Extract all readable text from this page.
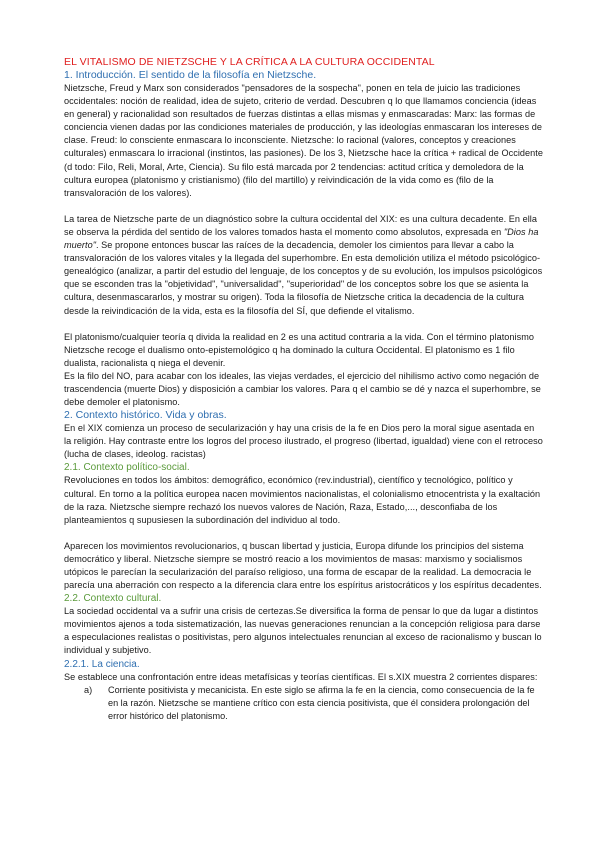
EL VITALISMO DE NIETZSCHE Y LA CRÍTICA A LA CULTURA OCCIDENTAL
1. Introducción. El sentido de la filosofía en Nietzsche.

Nietzsche, Freud y Marx son considerados "pensadores de la sospecha", ponen en tela de juicio las tradiciones occidentales: noción de realidad, idea de sujeto, criterio de verdad. Descubren q lo que llamamos conciencia (ideas en general) y racionalidad son resultados de fuerzas distintas a ellas mismas y enmascaradas: Marx: las formas de conciencia vienen dadas por las condiciones materiales de producción, y las ideologías enmascaran los intereses de clase. Freud: lo consciente enmascara lo inconsciente. Nietzsche: lo racional (valores, conceptos y creaciones culturales) enmascara lo irracional (instintos, las pasiones). De los 3, Nietzsche hace la crítica + radical de Occidente (d todo: Filo, Reli, Moral, Arte, Ciencia). Su filo está marcada por 2 tendencias: actitud crítica y demoledora de la cultura europea (platonismo y cristianismo) (filo del martillo) y reivindicación de la vida como es (filo de la transvaloración de los valores).

La tarea de Nietzsche parte de un diagnóstico sobre la cultura occidental del XIX: es una cultura decadente. En ella se observa la pérdida del sentido de los valores tomados hasta el momento como absolutos, expresada en "Dios ha muerto". Se propone entonces buscar las raíces de la decadencia, demoler los cimientos para llevar a cabo la transvaloración de los valores vitales y la llegada del superhombre. En esta demolición utiliza el método psicológico-genealógico (analizar, a partir del estudio del lenguaje, de los conceptos y de su evolución, los impulsos psicológicos que se esconden tras la "objetividad", "universalidad", "superioridad" de los conceptos sobre los que se asienta la cultura, desenmascararlos, y mostrar su origen). Toda la filosofía de Nietzsche critica la decadencia de la cultura desde la reivindicación de la vida, esta es la filosofía del SÍ, que defiende el vitalismo.

El platonismo/cualquier teoría q divida la realidad en 2 es una actitud contraria a la vida. Con el término platonismo Nietzsche recoge el dualismo onto-epistemológico q ha dominado la cultura Occidental. El platonismo es 1 filo dualista, racionalista q niega el devenir.

Es la filo del NO, para acabar con los ideales, las viejas verdades, el ejercicio del nihilismo activo como negación de trascendencia (muerte Dios) y disposición a cambiar los valores. Para q el cambio se dé y nazca el superhombre, se debe demoler el platonismo.

2. Contexto histórico. Vida y obras.

En el XIX comienza un proceso de secularización y hay una crisis de la fe en Dios pero la moral sigue asentada en la religión. Hay contraste entre los logros del proceso ilustrado, el progreso (libertad, igualdad) viene con el retroceso (lucha de clases, ideolog. racistas)

2.1. Contexto político-social.

Revoluciones en todos los ámbitos: demográfico, económico (rev.industrial), científico y tecnológico, político y cultural. En torno a la política europea nacen movimientos nacionalistas, el colonialismo etnocentrista y la exaltación de la raza. Nietzsche siempre rechazó los nuevos valores de Nación, Raza, Estado,..., desconfiaba de los planteamientos q supusiesen la subordinación del individuo al todo.

Aparecen los movimientos revolucionarios, q buscan libertad y justicia, Europa difunde los principios del sistema democrático y liberal. Nietzsche siempre se mostró reacio a los movimientos de masas: marxismo y socialismos utópicos le parecían la secularización del paraíso religioso, una forma de escapar de la realidad. La democracia le parecía una aberración con respecto a la diferencia clara entre los espíritus aristocráticos y los espíritus decadentes.

2.2. Contexto cultural.

La sociedad occidental va a sufrir una crisis de certezas.Se diversifica la forma de pensar lo que da lugar a distintos movimientos ajenos a toda sistematización, las nuevas generaciones renuncian a la concepción religiosa para darse a especulaciones realistas o positivistas, pero algunos intelectuales renuncian al exceso de racionalismo y buscan lo individual y subjetivo.

2.2.1. La ciencia.

Se establece una confrontación entre ideas metafísicas y teorías científicas. El s.XIX muestra 2 corrientes dispares:

a)	Corriente positivista y mecanicista. En este siglo se afirma la fe en la ciencia, como consecuencia de la fe en la razón. Nietzsche se mantiene crítico con esta ciencia positivista, que él considera prolongación del error histórico del platonismo.
